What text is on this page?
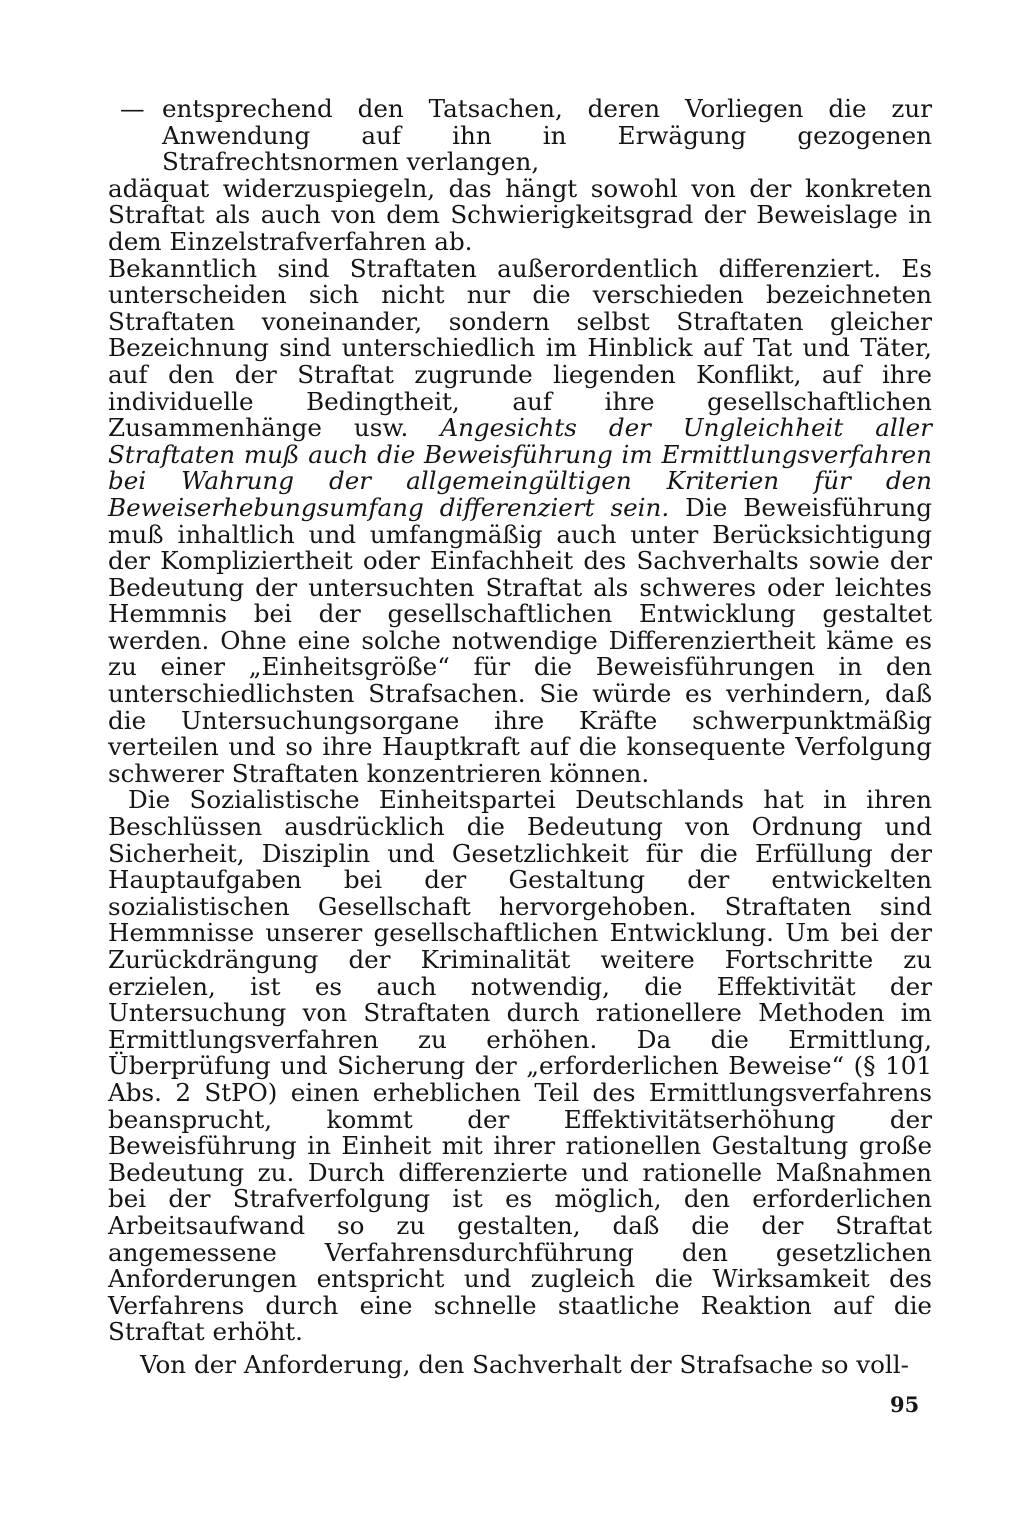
— entsprechend den Tatsachen, deren Vorliegen die zur Anwendung auf ihn in Erwägung gezogenen Strafrechtsnormen verlangen,

adäquat widerzuspiegeln, das hängt sowohl von der konkreten Straftat als auch von dem Schwierigkeitsgrad der Beweislage in dem Einzelstrafverfahren ab.

Bekanntlich sind Straftaten außerordentlich differenziert. Es unterscheiden sich nicht nur die verschieden bezeichneten Straftaten voneinander, sondern selbst Straftaten gleicher Bezeichnung sind unterschiedlich im Hinblick auf Tat und Täter, auf den der Straftat zugrunde liegenden Konflikt, auf ihre individuelle Bedingtheit, auf ihre gesellschaftlichen Zusammenhänge usw. Angesichts der Ungleichheit aller Straftaten muß auch die Beweisführung im Ermittlungsverfahren bei Wahrung der allgemeingültigen Kriterien für den Beweiserhebungsumfang differenziert sein. Die Beweisführung muß inhaltlich und umfangmäßig auch unter Berücksichtigung der Kompliziertheit oder Einfachheit des Sachverhalts sowie der Bedeutung der untersuchten Straftat als schweres oder leichtes Hemmnis bei der gesellschaftlichen Entwicklung gestaltet werden. Ohne eine solche notwendige Differenziertheit käme es zu einer „Einheitsgröße“ für die Beweisführungen in den unterschiedlichsten Strafsachen. Sie würde es verhindern, daß die Untersuchungsorgane ihre Kräfte schwerpunktmäßig verteilen und so ihre Hauptkraft auf die konsequente Verfolgung schwerer Straftaten konzentrieren können.

Die Sozialistische Einheitspartei Deutschlands hat in ihren Beschlüssen ausdrücklich die Bedeutung von Ordnung und Sicherheit, Disziplin und Gesetzlichkeit für die Erfüllung der Hauptaufgaben bei der Gestaltung der entwickelten sozialistischen Gesellschaft hervorgehoben. Straftaten sind Hemmnisse unserer gesellschaftlichen Entwicklung. Um bei der Zurückdrängung der Kriminalität weitere Fortschritte zu erzielen, ist es auch notwendig, die Effektivität der Untersuchung von Straftaten durch rationellere Methoden im Ermittlungsverfahren zu erhöhen. Da die Ermittlung, Überprüfung und Sicherung der „erforderlichen Beweise“ (§ 101 Abs. 2 StPO) einen erheblichen Teil des Ermittlungsverfahrens beansprucht, kommt der Effektivitätserhöhung der Beweisführung in Einheit mit ihrer rationellen Gestaltung große Bedeutung zu. Durch differenzierte und rationelle Maßnahmen bei der Strafverfolgung ist es möglich, den erforderlichen Arbeitsaufwand so zu gestalten, daß die der Straftat angemessene Verfahrensdurchführung den gesetzlichen Anforderungen entspricht und zugleich die Wirksamkeit des Verfahrens durch eine schnelle staatliche Reaktion auf die Straftat erhöht.

Von der Anforderung, den Sachverhalt der Strafsache so voll-

95
